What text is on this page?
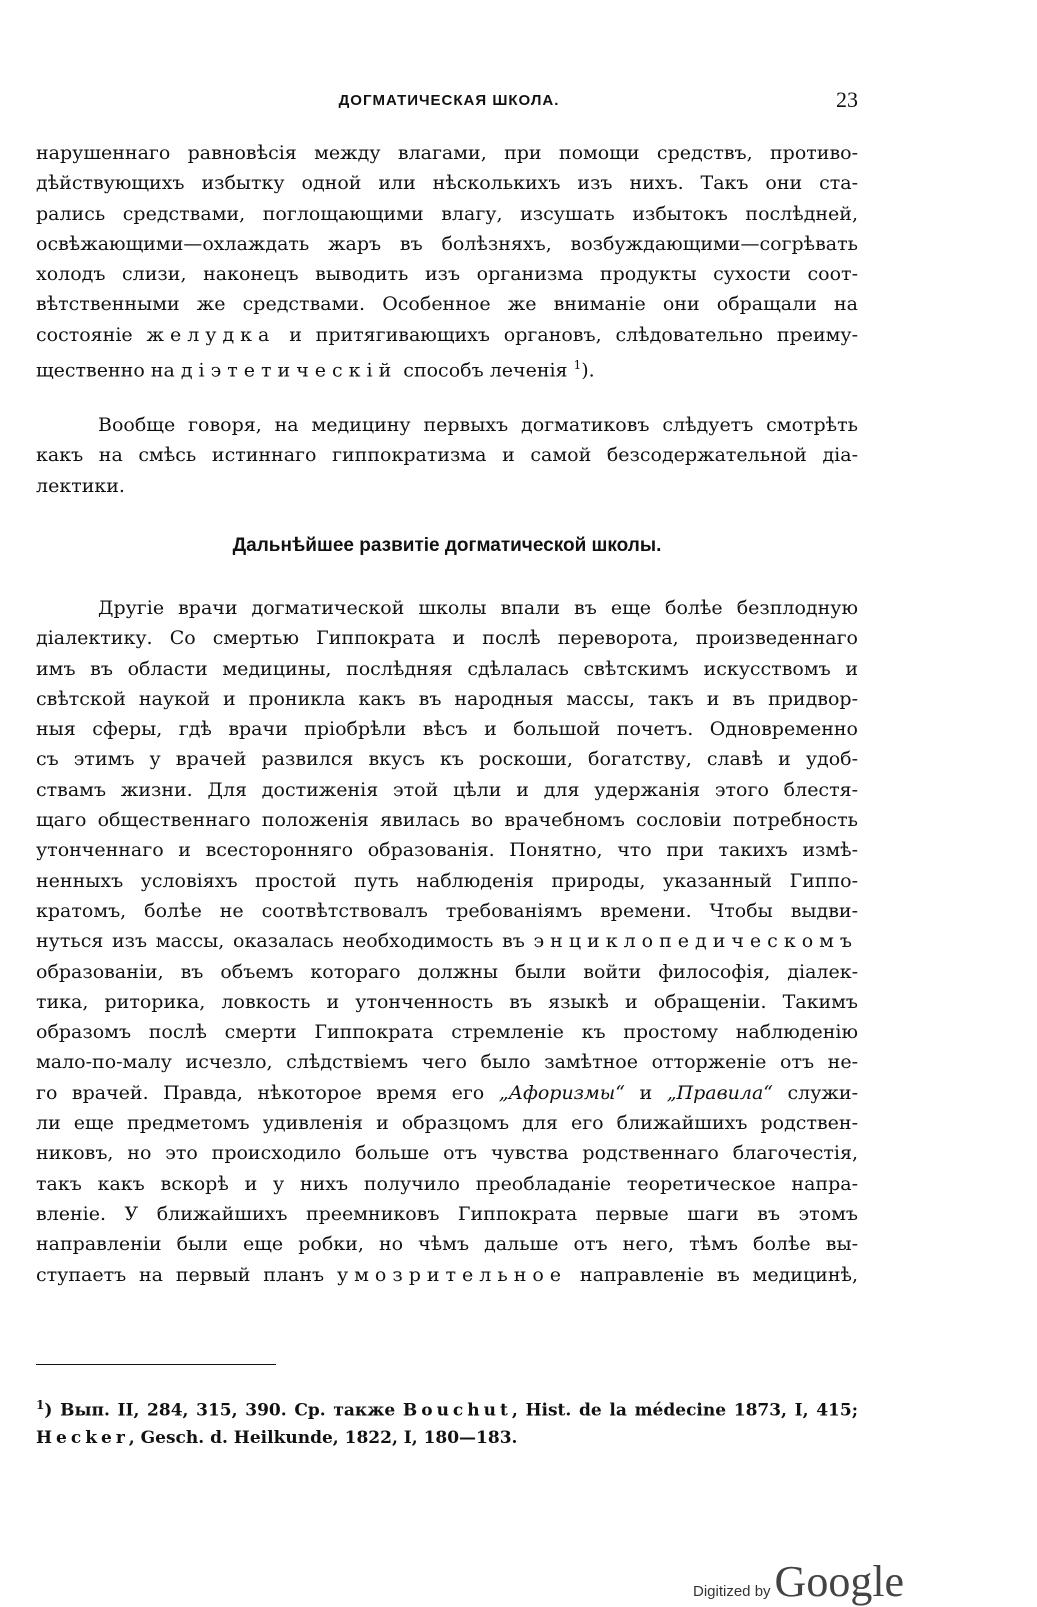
ДОГМАТИЧЕСКАЯ ШКОЛА.	23
нарушеннаго равновѣсія между влагами, при помощи средствъ, противо-
дѣйствующихъ избытку одной или нѣсколькихъ изъ нихъ. Такъ они ста-
рались средствами, поглощающими влагу, изсушать избытокъ послѣдней,
освѣжающими—охлаждать жаръ въ болѣзняхъ, возбуждающими—согрѣвать
холодъ слизи, наконецъ выводить изъ организма продукты сухости соот-
вѣтственными же средствами. Особенное же вниманіе они обращали на
состояніе желудка и притягивающихъ органовъ, слѣдовательно преиму-
щественно на діэтетическій способъ леченія $^1$).
Вообще говоря, на медицину первыхъ догматиковъ слѣдуетъ смотрѣть
какъ на смѣсь истиннаго гиппократизма и самой безсодержательной діа-
лектики.
Дальнѣйшее развитіе догматической школы.
Другіе врачи догматической школы впали въ еще болѣе безплодную
діалектику. Со смертью Гиппократа и послѣ переворота, произведеннаго
имъ въ области медицины, послѣдняя сдѣлалась свѣтскимъ искусствомъ и
свѣтской наукой и проникла какъ въ народныя массы, такъ и въ придвор-
ныя сферы, гдѣ врачи пріобрѣли вѣсъ и большой почетъ. Одновременно
съ этимъ у врачей развился вкусъ къ роскоши, богатству, славѣ и удоб-
ствамъ жизни. Для достиженія этой цѣли и для удержанія этого блестя-
щаго общественнаго положенія явилась во врачебномъ сословіи потребность
утонченнаго и всесторонняго образованія. Понятно, что при такихъ измѣ-
ненныхъ условіяхъ простой путь наблюденія природы, указанный Гиппо-
кратомъ, болѣе не соотвѣтствовалъ требованіямъ времени. Чтобы выдви-
нуться изъ массы, оказалась необходимость въ энциклопедическомъ
образованіи, въ объемъ котораго должны были войти философія, діалек-
тика, риторика, ловкость и утонченность въ языкѣ и обращеніи. Такимъ
образомъ послѣ смерти Гиппократа стремленіе къ простому наблюденію
мало-по-малу исчезло, слѣдствіемъ чего было замѣтное отторженіе отъ не-
го врачей. Правда, нѣкоторое время его „Афоризмы“ и „Правила“ служи-
ли еще предметомъ удивленія и образцомъ для его ближайшихъ родствен-
никовъ, но это происходило больше отъ чувства родственнаго благочестія,
такъ какъ вскорѣ и у нихъ получило преобладаніе теоретическое напра-
вленіе. У ближайшихъ преемниковъ Гиппократа первые шаги въ этомъ
направленіи были еще робки, но чѣмъ дальше отъ него, тѣмъ болѣе вы-
ступаетъ на первый планъ умозрительное направленіе въ медицинѣ,
$^1$) Вып. II, 284, 315, 390. Ср. также Bouchut, Hist. de la médecine 1873, I, 415;
Hecker, Gesch. d. Heilkunde, 1822, I, 180—183.
Digitized by Google
